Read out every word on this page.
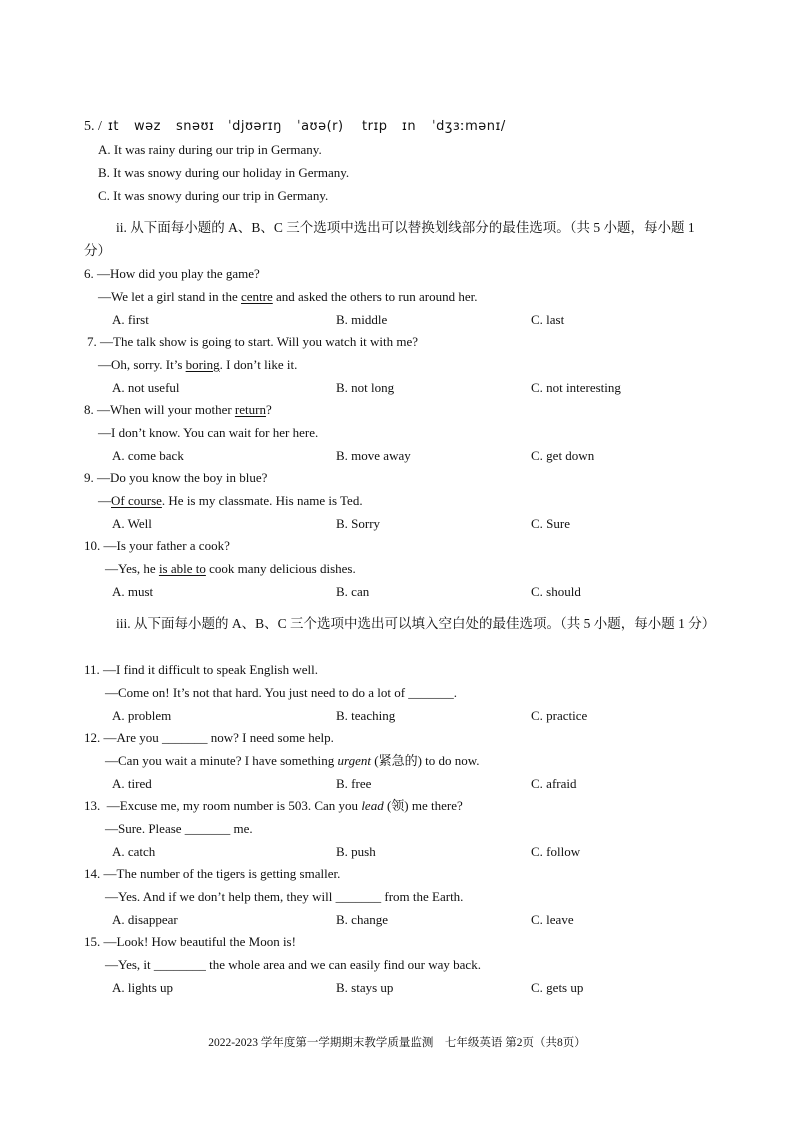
5. / ɪt wəz snəʊɪ ˈdjʊərɪŋ ˈaʊə(r) trɪp ɪn ˈdʒɜːmənɪ/
A. It was rainy during our trip in Germany.
B. It was snowy during our holiday in Germany.
C. It was snowy during our trip in Germany.
ii. 从下面每小题的 A、B、C 三个选项中选出可以替换划线部分的最佳选项。（共 5 小题，每小题 1 分）
6. —How did you play the game?
—We let a girl stand in the centre and asked the others to run around her.
A. first	B. middle	C. last
7. —The talk show is going to start. Will you watch it with me?
—Oh, sorry. It’s boring. I don’t like it.
A. not useful	B. not long	C. not interesting
8. —When will your mother return?
—I don’t know. You can wait for her here.
A. come back	B. move away	C. get down
9. —Do you know the boy in blue?
—Of course. He is my classmate. His name is Ted.
A. Well	B. Sorry	C. Sure
10. —Is your father a cook?
—Yes, he is able to cook many delicious dishes.
A. must	B. can	C. should
iii. 从下面每小题的 A、B、C 三个选项中选出可以填入空白处的最佳选项。（共 5 小题，每小题 1 分）
11. —I find it difficult to speak English well.
—Come on! It’s not that hard. You just need to do a lot of _______.
A. problem	B. teaching	C. practice
12. —Are you _______ now? I need some help.
—Can you wait a minute? I have something urgent (紧急的) to do now.
A. tired	B. free	C. afraid
13. —Excuse me, my room number is 503. Can you lead (领) me there?
—Sure. Please _______ me.
A. catch	B. push	C. follow
14. —The number of the tigers is getting smaller.
—Yes. And if we don’t help them, they will _______ from the Earth.
A. disappear	B. change	C. leave
15. —Look! How beautiful the Moon is!
—Yes, it ________ the whole area and we can easily find our way back.
A. lights up	B. stays up	C. gets up
2022-2023 学年度第一学期期末教学质量监测　七年级英语 第2页（共8页）
